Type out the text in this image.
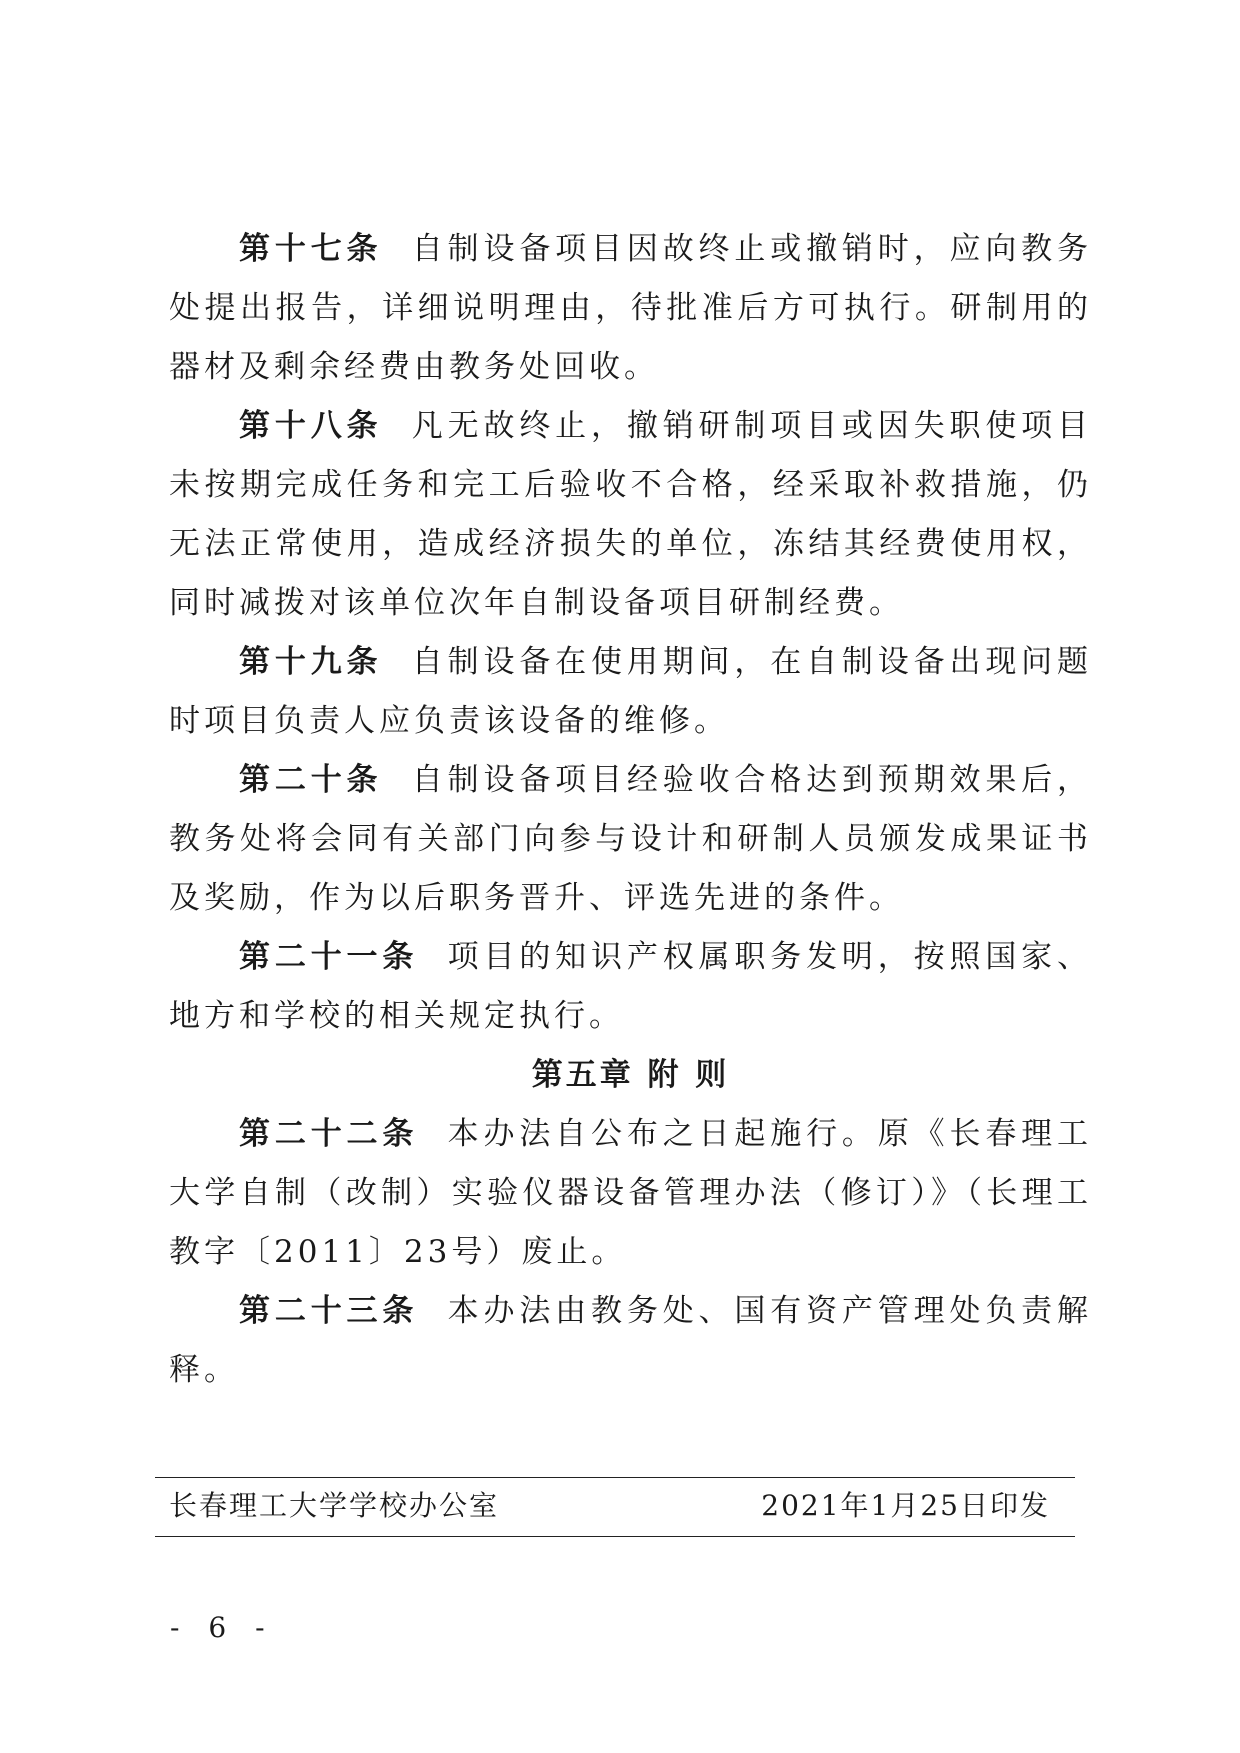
第十七条 自制设备项目因故终止或撤销时，应向教务处提出报告，详细说明理由，待批准后方可执行。研制用的器材及剩余经费由教务处回收。

第十八条 凡无故终止，撤销研制项目或因失职使项目未按期完成任务和完工后验收不合格，经采取补救措施，仍无法正常使用，造成经济损失的单位，冻结其经费使用权，同时减拨对该单位次年自制设备项目研制经费。

第十九条 自制设备在使用期间，在自制设备出现问题时项目负责人应负责该设备的维修。

第二十条 自制设备项目经验收合格达到预期效果后，教务处将会同有关部门向参与设计和研制人员颁发成果证书及奖励，作为以后职务晋升、评选先进的条件。

第二十一条 项目的知识产权属职务发明，按照国家、地方和学校的相关规定执行。

第五章 附 则

第二十二条 本办法自公布之日起施行。原《长春理工大学自制（改制）实验仪器设备管理办法（修订）》（长理工教字〔2011〕23号）废止。

第二十三条 本办法由教务处、国有资产管理处负责解释。

长春理工大学学校办公室	2021年1月25日印发
- 6 -
